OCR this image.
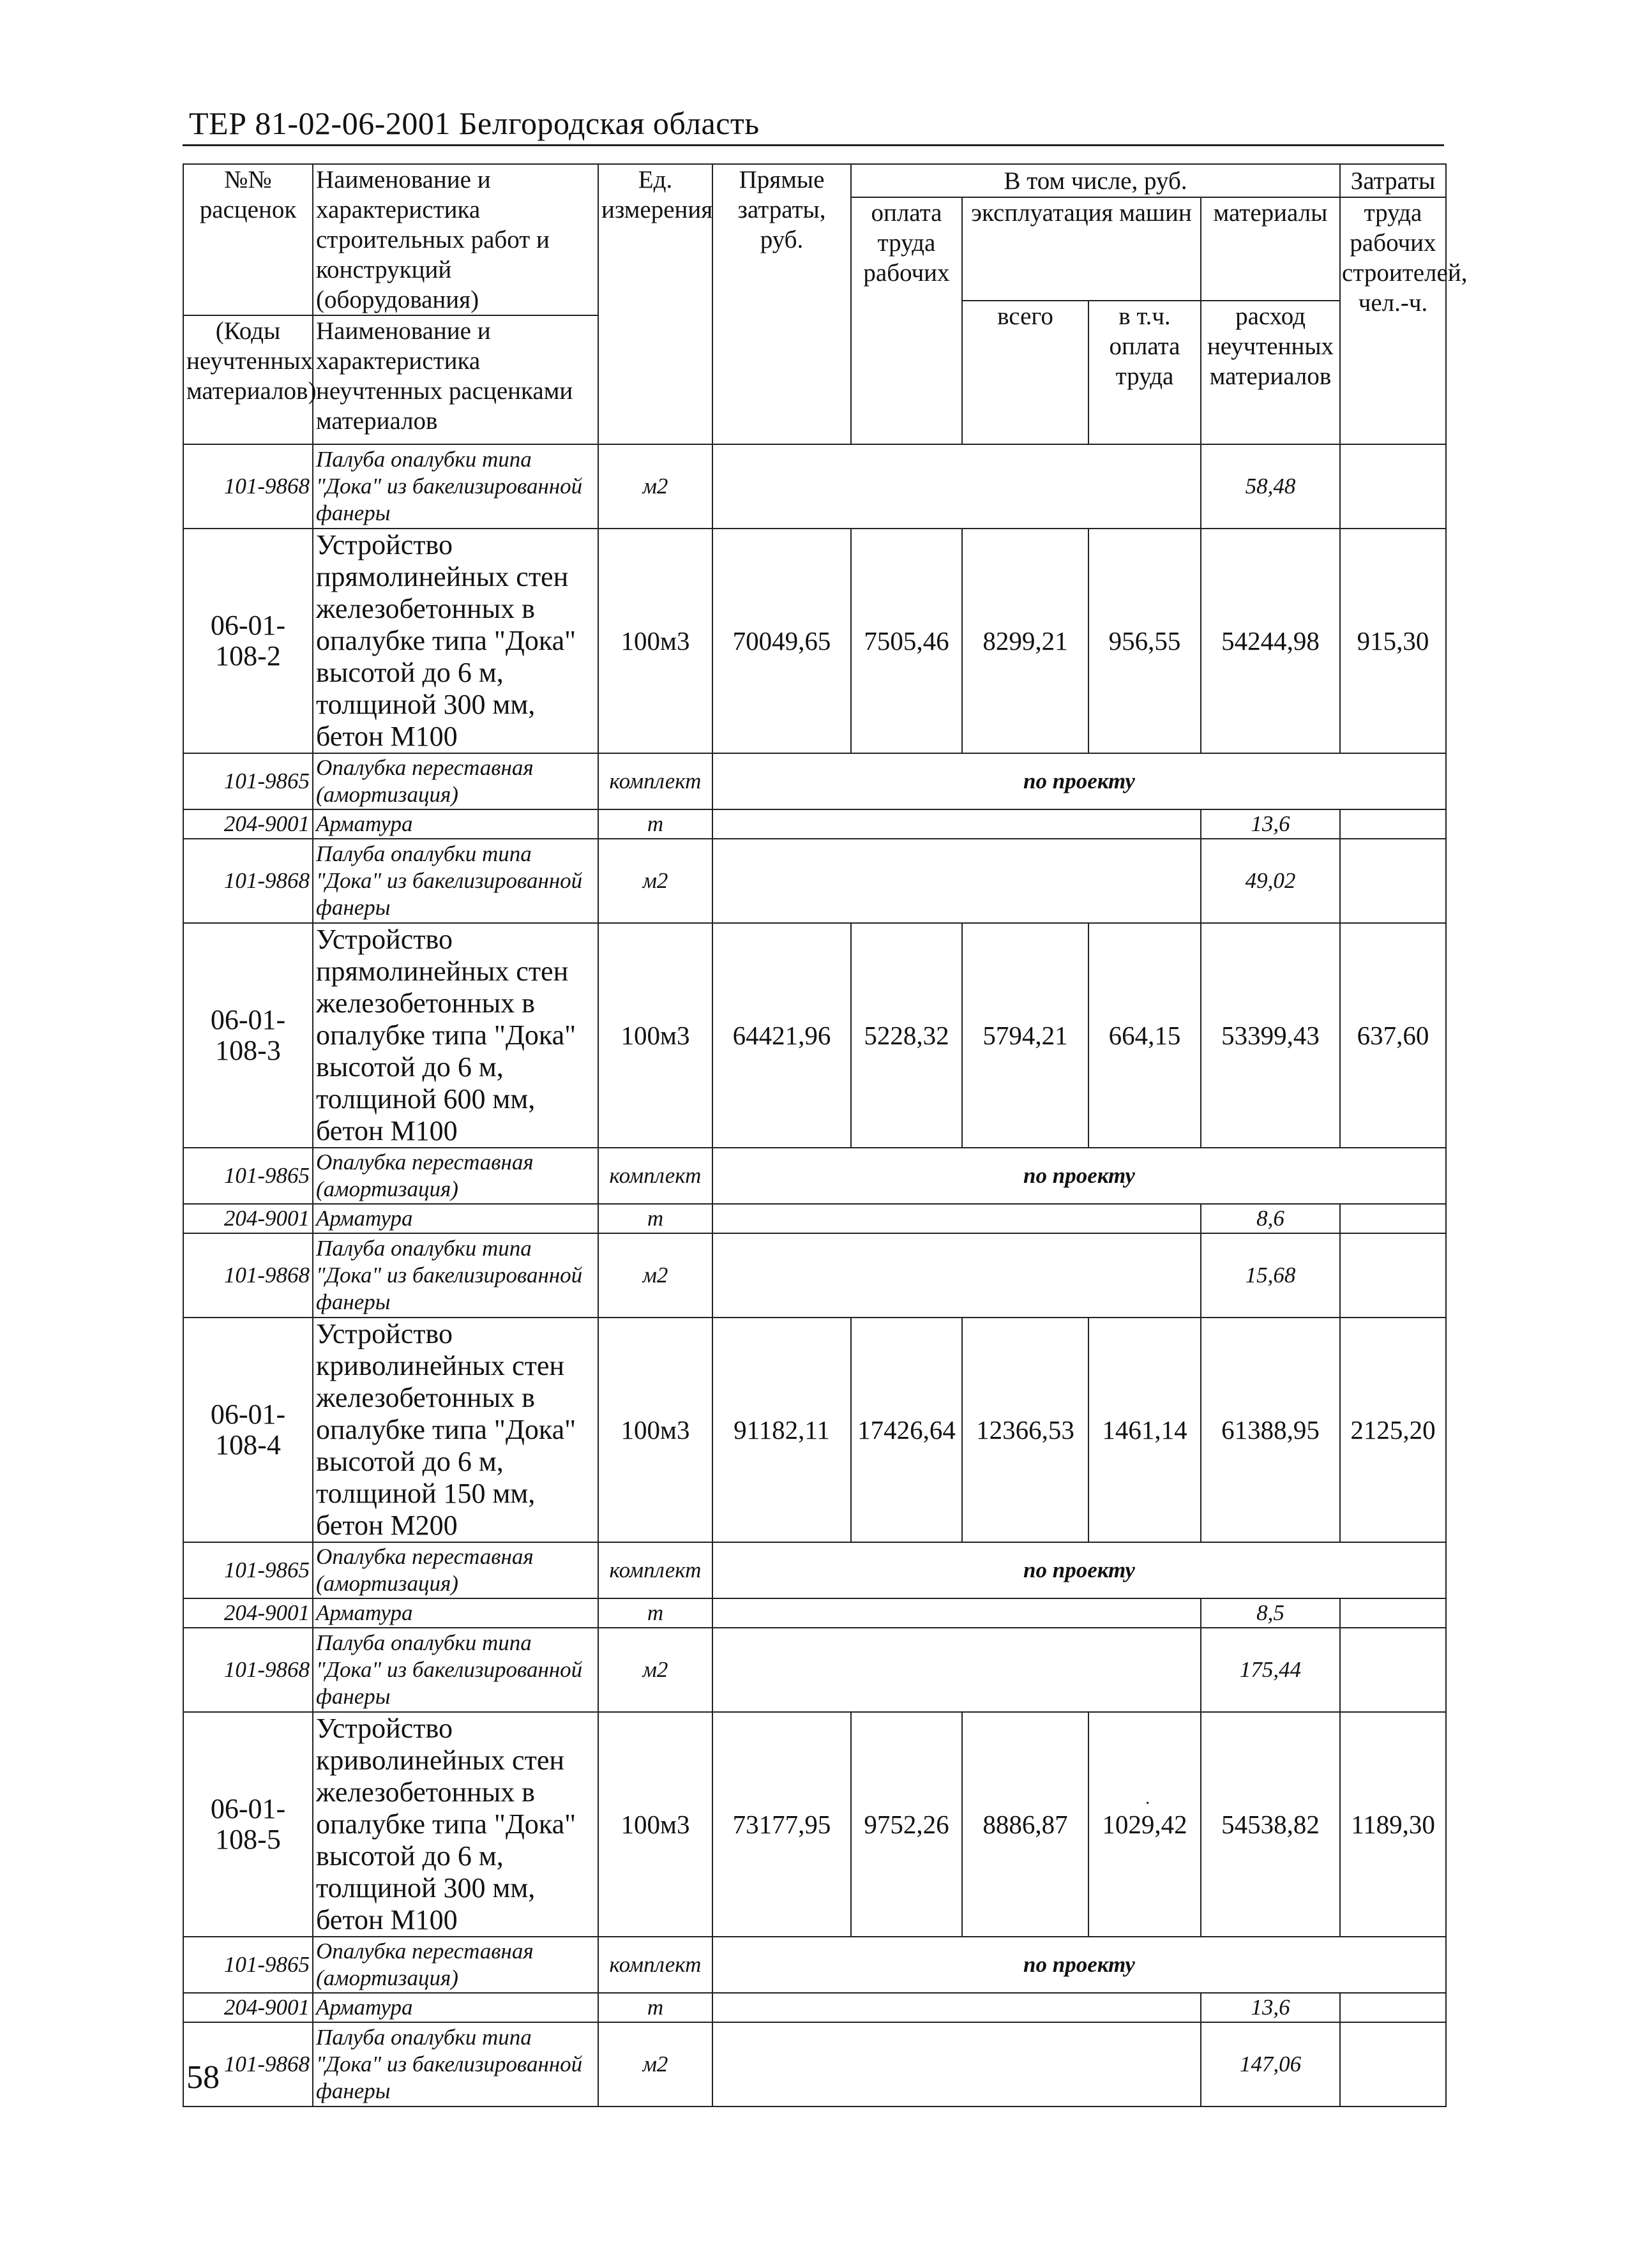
ТЕР 81-02-06-2001 Белгородская область
№№ расценок	Наименование и характеристика строительных работ и конструкций (оборудования)	Ед. измерения	Прямые затраты, руб.	В том числе, руб.				Затраты
				оплата труда рабочих	эксплуатация машин		материалы	труда рабочих строителей, чел.-ч.
					всего	в т.ч. оплата труда	расход неучтенных материалов	
(Коды неучтенных материалов)	Наименование и характеристика неучтенных расценками материалов							
101-9868	Палуба опалубки типа "Дока" из бакелизированной фанеры	м2					58,48	
06-01-108-2	Устройство прямолинейных стен железобетонных в опалубке типа "Дока" высотой до 6 м, толщиной 300 мм, бетон М100	100м3	70049,65	7505,46	8299,21	956,55	54244,98	915,30
101-9865	Опалубка переставная (амортизация)	комплект	по проекту					
204-9001	Арматура	т					13,6	
101-9868	Палуба опалубки типа "Дока" из бакелизированной фанеры	м2					49,02	
06-01-108-3	Устройство прямолинейных стен железобетонных в опалубке типа "Дока" высотой до 6 м, толщиной 600 мм, бетон М100	100м3	64421,96	5228,32	5794,21	664,15	53399,43	637,60
101-9865	Опалубка переставная (амортизация)	комплект	по проекту					
204-9001	Арматура	т					8,6	
101-9868	Палуба опалубки типа "Дока" из бакелизированной фанеры	м2					15,68	
06-01-108-4	Устройство криволинейных стен железобетонных в опалубке типа "Дока" высотой до 6 м, толщиной 150 мм, бетон М200	100м3	91182,11	17426,64	12366,53	1461,14	61388,95	2125,20
101-9865	Опалубка переставная (амортизация)	комплект	по проекту					
204-9001	Арматура	т					8,5	
101-9868	Палуба опалубки типа "Дока" из бакелизированной фанеры	м2					175,44	
06-01-108-5	Устройство криволинейных стен железобетонных в опалубке типа "Дока" высотой до 6 м, толщиной 300 мм, бетон М100	100м3	73177,95	9752,26	8886,87	1029,42	54538,82	1189,30
101-9865	Опалубка переставная (амортизация)	комплект	по проекту					
204-9001	Арматура	т					13,6	
101-9868	Палуба опалубки типа "Дока" из бакелизированной фанеры	м2					147,06	
58
·
